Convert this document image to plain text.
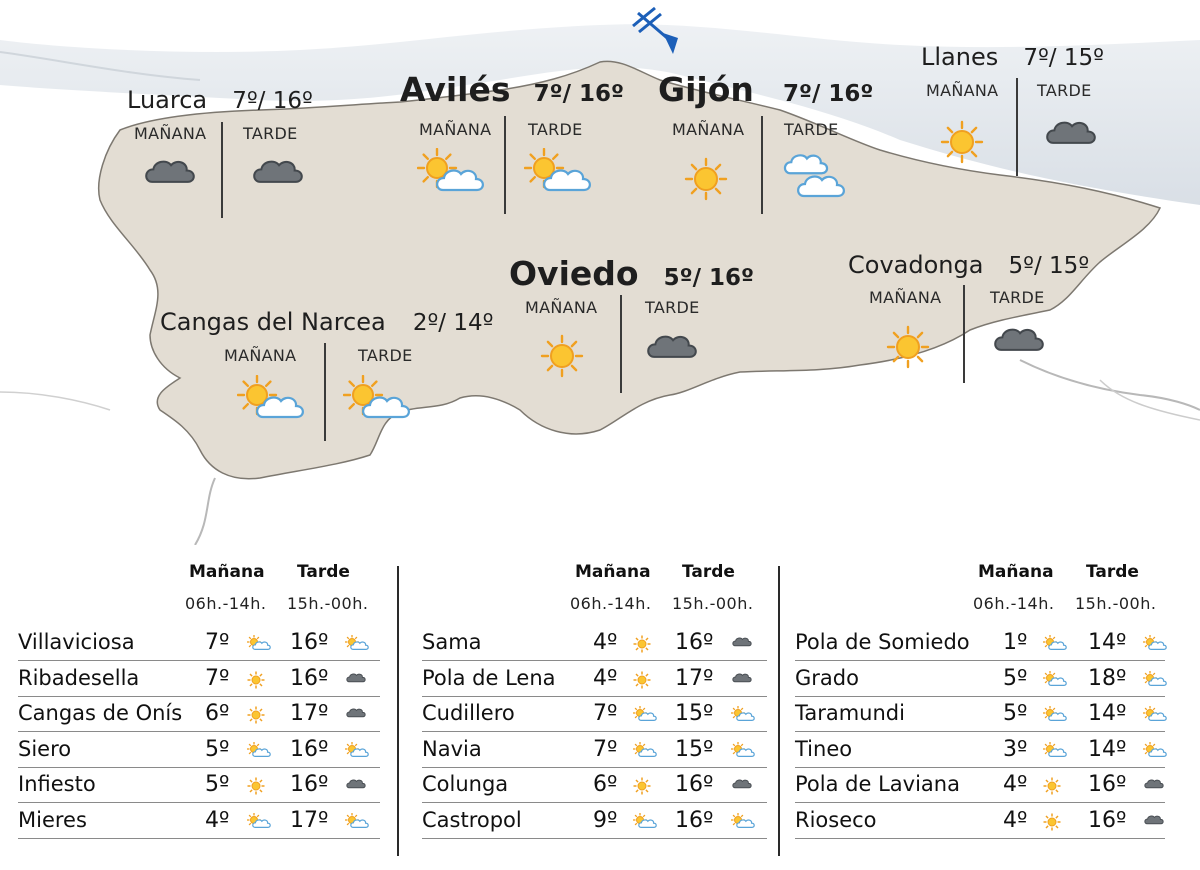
Luarca 7º/ 16º
MAÑANA TARDE
Avilés 7º/ 16º
MAÑANA TARDE
Gijón 7º/ 16º
MAÑANA TARDE
Llanes 7º/ 15º
MAÑANA TARDE
Oviedo 5º/ 16º
MAÑANA	TARDE
Covadonga 5º/ 15º
MAÑANA	TARDE
Cangas del Narcea 2º/ 14º
MAÑANA	TARDE
Mañana Tarde
06h.-14h. 15h.-00h.
Villaviciosa	7º	16º
Ribadesella	7º	16º
Cangas de Onís 6º	17º
Siero	5º	16º
Infiesto	5º	16º
Mieres	4º	17º
Mañana Tarde
06h.-14h. 15h.-00h.
Sama	4º	16º
Pola de Lena 4º	17º
Cudillero	7º	15º
Navia	7º	15º
Colunga	6º	16º
Castropol	9º	16º
Mañana Tarde
06h.-14h. 15h.-00h.
Pola de Somiedo 1º	14º
Grado	5º	18º
Taramundi	5º	14º
Tineo	3º	14º
Pola de Laviana 4º	16º
Rioseco	4º	16º
